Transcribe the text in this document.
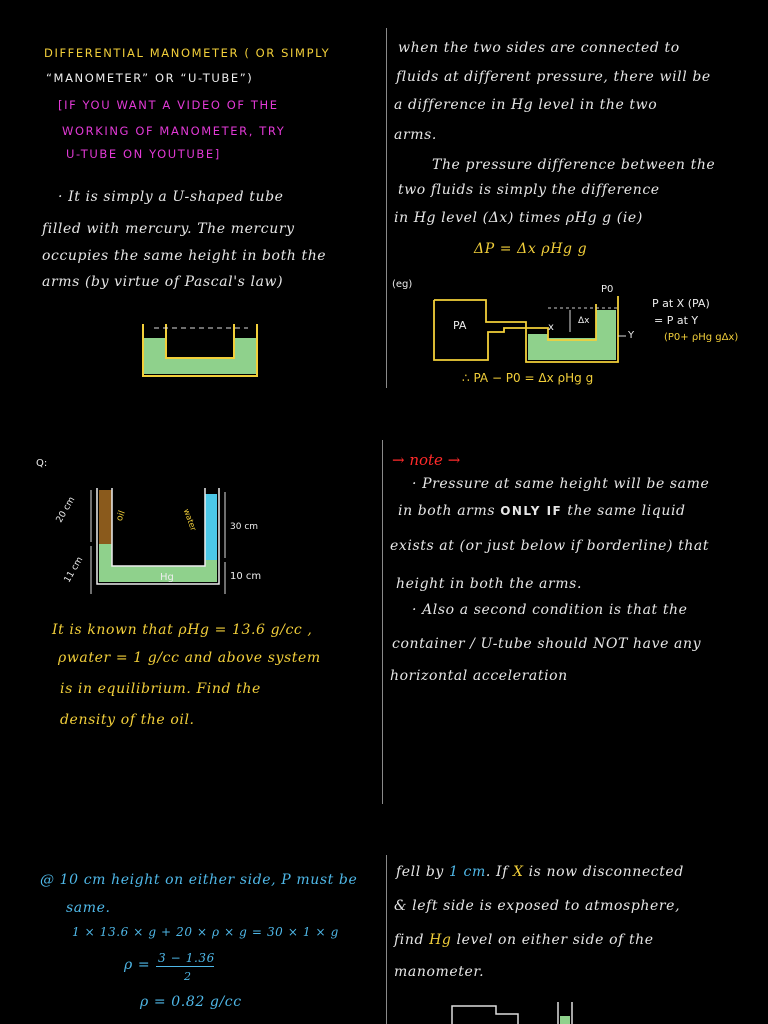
DIFFERENTIAL MANOMETER ( OR SIMPLY
“MANOMETER” OR “U-TUBE”)
[IF YOU WANT A VIDEO OF THE
WORKING OF MANOMETER, TRY
U-TUBE ON YOUTUBE]
· It is simply a U-shaped tube
filled with mercury. The mercury
occupies the same height in both the
arms (by virtue of Pascal's law)
when the two sides are connected to
fluids at different pressure, there will be
a difference in Hg level in the two
arms.
The pressure difference between the
two fluids is simply the difference
in Hg level (Δx) times ρHg g (ie)
ΔP = Δx ρHg g
(eg)
PA
P0
Δx
x
Y
P at X (PA)
= P at Y
(P0+ ρHg gΔx)
∴ PA − P0 = Δx ρHg g
Q:
20 cm
11 cm
30 cm
10 cm
oil	water
Hg
It is known that ρHg = 13.6 g/cc ,
ρwater = 1 g/cc and above system
is in equilibrium. Find the
density of the oil.
→ note →
· Pressure at same height will be same
in both arms ONLY IF the same liquid
exists at (or just below if borderline) that
height in both the arms.
· Also a second condition is that the
container / U-tube should NOT have any
horizontal acceleration
@ 10 cm height on either side, P must be
same.
1 × 13.6 × g + 20 × ρ × g = 30 × 1 × g
ρ = 3 − 1.36
2
ρ = 0.82 g/cc
fell by 1 cm. If X is now disconnected
& left side is exposed to atmosphere,
find Hg level on either side of the
manometer.
